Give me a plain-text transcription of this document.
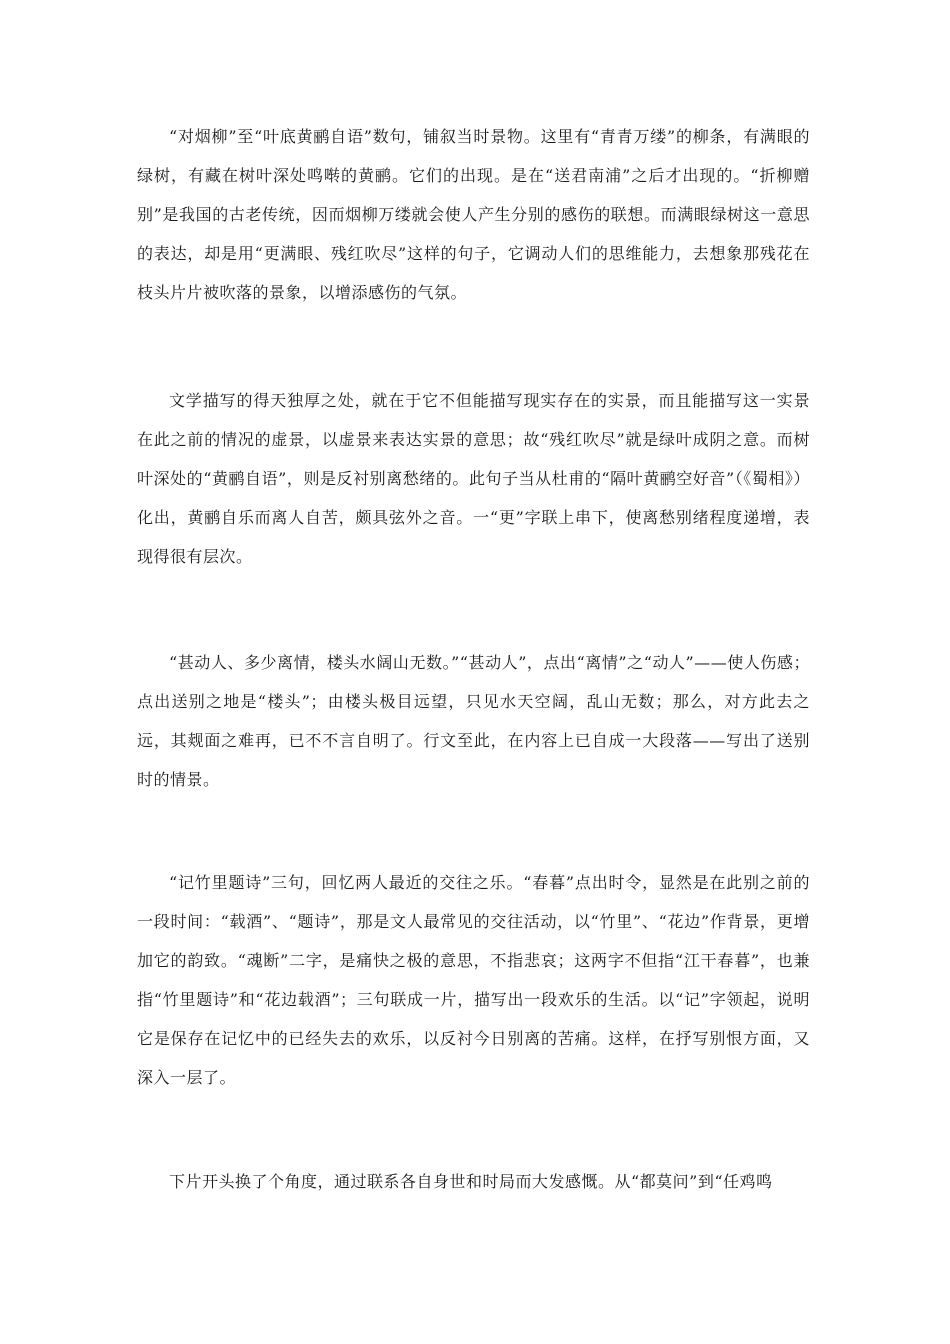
“对烟柳”至“叶底黄鹂自语”数句，铺叙当时景物。这里有“青青万缕”的柳条，有满眼的绿树，有藏在树叶深处鸣啭的黄鹂。它们的出现。是在“送君南浦”之后才出现的。“折柳赠别”是我国的古老传统，因而烟柳万缕就会使人产生分别的感伤的联想。而满眼绿树这一意思的表达，却是用“更满眼、残红吹尽”这样的句子，它调动人们的思维能力，去想象那残花在枝头片片被吹落的景象，以增添感伤的气氛。

文学描写的得天独厚之处，就在于它不但能描写现实存在的实景，而且能描写这一实景在此之前的情况的虚景，以虚景来表达实景的意思；故“残红吹尽”就是绿叶成阴之意。而树叶深处的“黄鹂自语”，则是反衬别离愁绪的。此句子当从杜甫的“隔叶黄鹂空好音”（《蜀相》）化出，黄鹂自乐而离人自苦，颇具弦外之音。一“更”字联上串下，使离愁别绪程度递增，表现得很有层次。

“甚动人、多少离情，楼头水阔山无数。”“甚动人”，点出“离情”之“动人”——使人伤感；点出送别之地是“楼头”；由楼头极目远望，只见水天空阔，乱山无数；那么，对方此去之远，其觌面之难再，已不不言自明了。行文至此，在内容上已自成一大段落——写出了送别时的情景。

“记竹里题诗”三句，回忆两人最近的交往之乐。“春暮”点出时令，显然是在此别之前的一段时间：“载酒”、“题诗”，那是文人最常见的交往活动，以“竹里”、“花边”作背景，更增加它的韵致。“魂断”二字，是痛快之极的意思，不指悲哀；这两字不但指“江干春暮”，也兼指“竹里题诗”和“花边载酒”；三句联成一片，描写出一段欢乐的生活。以“记”字领起，说明它是保存在记忆中的已经失去的欢乐，以反衬今日别离的苦痛。这样，在抒写别恨方面，又深入一层了。

下片开头换了个角度，通过联系各自身世和时局而大发感慨。从“都莫问”到“任鸡鸣
